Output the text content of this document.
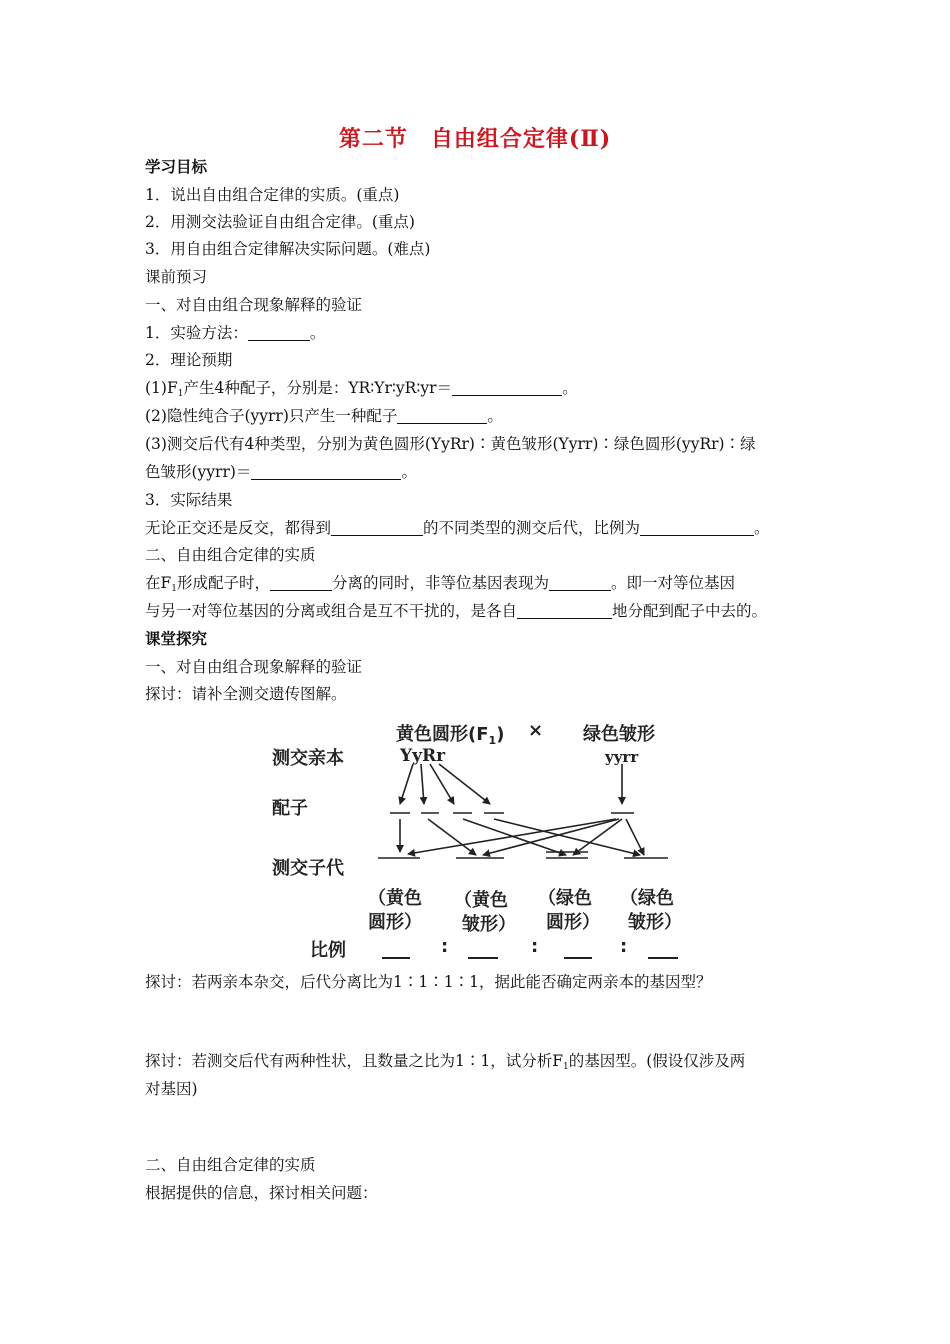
第二节　自由组合定律(Ⅱ)
学习目标
1．说出自由组合定律的实质。(重点)
2．用测交法验证自由组合定律。(重点)
3．用自由组合定律解决实际问题。(难点)
课前预习
一、对自由组合现象解释的验证
1．实验方法：	。
2．理论预期
$(1)F_1$产生4种配子，分别是：YR∶Yr∶yR∶yr＝	。
(2)隐性纯合子(yyrr)只产生一种配子	。
(3)测交后代有4种类型，分别为黄色圆形(YyRr)∶黄色皱形(Yyrr)∶绿色圆形(yyRr)∶绿
色皱形(yyrr)＝	。
3．实际结果
无论正交还是反交，都得到	的不同类型的测交后代，比例为	。
二、自由组合定律的实质
在$F_1$形成配子时，	分离的同时，非等位基因表现为	。即一对等位基因
与另一对等位基因的分离或组合是互不干扰的，是各自	地分配到配子中去的。
课堂探究
一、对自由组合现象解释的验证
探讨：请补全测交遗传图解。
测交亲本
配子
测交子代
比例
黄色圆形$(F_1)$ × 绿色皱形
YyRr	yyrr
（黄色
圆形）
（黄色
皱形）
（绿色
圆形）
（绿色
皱形）
:	:	:
探讨：若两亲本杂交，后代分离比为1∶1∶1∶1，据此能否确定两亲本的基因型？
探讨：若测交后代有两种性状，且数量之比为1∶1，试分析$F_1$的基因型。(假设仅涉及两
对基因)
二、自由组合定律的实质
根据提供的信息，探讨相关问题：
